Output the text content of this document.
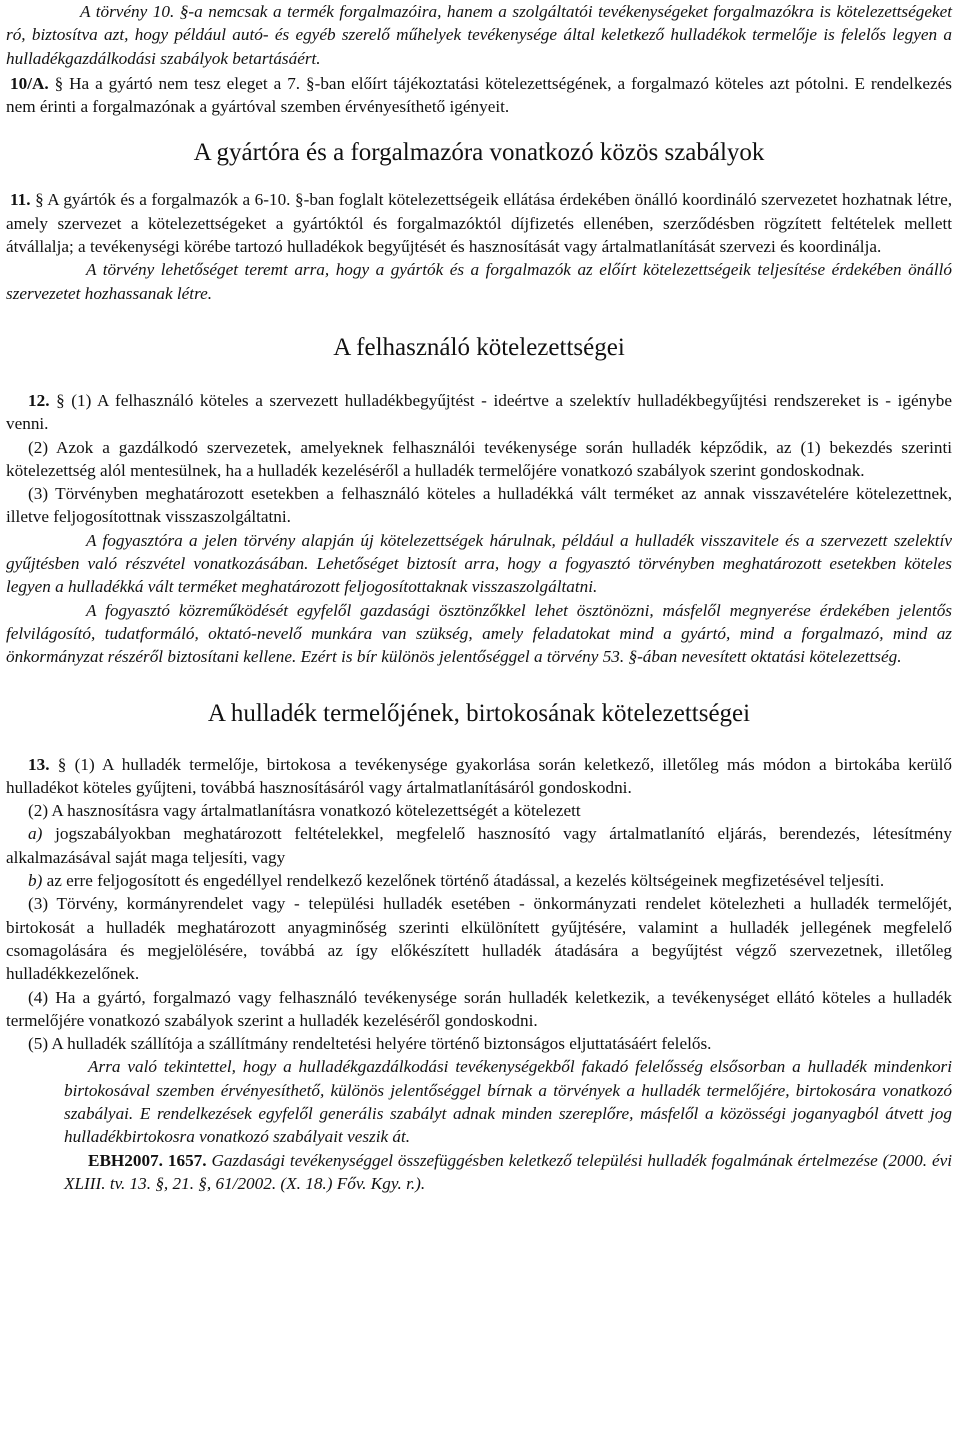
A törvény 10. §-a nemcsak a termék forgalmazóira, hanem a szolgáltatói tevékenységeket forgalmazókra is kötelezettségeket ró, biztosítva azt, hogy például autó- és egyéb szerelő műhelyek tevékenysége által keletkező hulladékok termelője is felelős legyen a hulladékgazdálkodási szabályok betartásáért.

10/A. § Ha a gyártó nem tesz eleget a 7. §-ban előírt tájékoztatási kötelezettségének, a forgalmazó köteles azt pótolni. E rendelkezés nem érinti a forgalmazónak a gyártóval szemben érvényesíthető igényeit.

A gyártóra és a forgalmazóra vonatkozó közös szabályok

11. § A gyártók és a forgalmazók a 6-10. §-ban foglalt kötelezettségeik ellátása érdekében önálló koordináló szervezetet hozhatnak létre, amely szervezet a kötelezettségeket a gyártóktól és forgalmazóktól díjfizetés ellenében, szerződésben rögzített feltételek mellett átvállalja; a tevékenységi körébe tartozó hulladékok begyűjtését és hasznosítását vagy ártalmatlanítását szervezi és koordinálja.

A törvény lehetőséget teremt arra, hogy a gyártók és a forgalmazók az előírt kötelezettségeik teljesítése érdekében önálló szervezetet hozhassanak létre.

A felhasználó kötelezettségei

12. § (1) A felhasználó köteles a szervezett hulladékbegyűjtést - ideértve a szelektív hulladékbegyűjtési rendszereket is - igénybe venni.

(2) Azok a gazdálkodó szervezetek, amelyeknek felhasználói tevékenysége során hulladék képződik, az (1) bekezdés szerinti kötelezettség alól mentesülnek, ha a hulladék kezeléséről a hulladék termelőjére vonatkozó szabályok szerint gondoskodnak.

(3) Törvényben meghatározott esetekben a felhasználó köteles a hulladékká vált terméket az annak visszavételére kötelezettnek, illetve feljogosítottnak visszaszolgáltatni.

A fogyasztóra a jelen törvény alapján új kötelezettségek hárulnak, például a hulladék visszavitele és a szervezett szelektív gyűjtésben való részvétel vonatkozásában. Lehetőséget biztosít arra, hogy a fogyasztó törvényben meghatározott esetekben köteles legyen a hulladékká vált terméket meghatározott feljogosítottaknak visszaszolgáltatni.

A fogyasztó közreműködését egyfelől gazdasági ösztönzőkkel lehet ösztönözni, másfelől megnyerése érdekében jelentős felvilágosító, tudatformáló, oktató-nevelő munkára van szükség, amely feladatokat mind a gyártó, mind a forgalmazó, mind az önkormányzat részéről biztosítani kellene. Ezért is bír különös jelentőséggel a törvény 53. §-ában nevesített oktatási kötelezettség.

A hulladék termelőjének, birtokosának kötelezettségei

13. § (1) A hulladék termelője, birtokosa a tevékenysége gyakorlása során keletkező, illetőleg más módon a birtokába kerülő hulladékot köteles gyűjteni, továbbá hasznosításáról vagy ártalmatlanításáról gondoskodni.

(2) A hasznosításra vagy ártalmatlanításra vonatkozó kötelezettségét a kötelezett

a) jogszabályokban meghatározott feltételekkel, megfelelő hasznosító vagy ártalmatlanító eljárás, berendezés, létesítmény alkalmazásával saját maga teljesíti, vagy

b) az erre feljogosított és engedéllyel rendelkező kezelőnek történő átadással, a kezelés költségeinek megfizetésével teljesíti.

(3) Törvény, kormányrendelet vagy - települési hulladék esetében - önkormányzati rendelet kötelezheti a hulladék termelőjét, birtokosát a hulladék meghatározott anyagminőség szerinti elkülönített gyűjtésére, valamint a hulladék jellegének megfelelő csomagolására és megjelölésére, továbbá az így előkészített hulladék átadására a begyűjtést végző szervezetnek, illetőleg hulladékkezelőnek.

(4) Ha a gyártó, forgalmazó vagy felhasználó tevékenysége során hulladék keletkezik, a tevékenységet ellátó köteles a hulladék termelőjére vonatkozó szabályok szerint a hulladék kezeléséről gondoskodni.

(5) A hulladék szállítója a szállítmány rendeltetési helyére történő biztonságos eljuttatásáért felelős.

Arra való tekintettel, hogy a hulladékgazdálkodási tevékenységekből fakadó felelősség elsősorban a hulladék mindenkori birtokosával szemben érvényesíthető, különös jelentőséggel bírnak a törvények a hulladék termelőjére, birtokosára vonatkozó szabályai. E rendelkezések egyfelől generális szabályt adnak minden szereplőre, másfelől a közösségi joganyagból átvett jog hulladékbirtokosra vonatkozó szabályait veszik át.

EBH2007. 1657. Gazdasági tevékenységgel összefüggésben keletkező települési hulladék fogalmának értelmezése (2000. évi XLIII. tv. 13. §, 21. §, 61/2002. (X. 18.) Főv. Kgy. r.).
